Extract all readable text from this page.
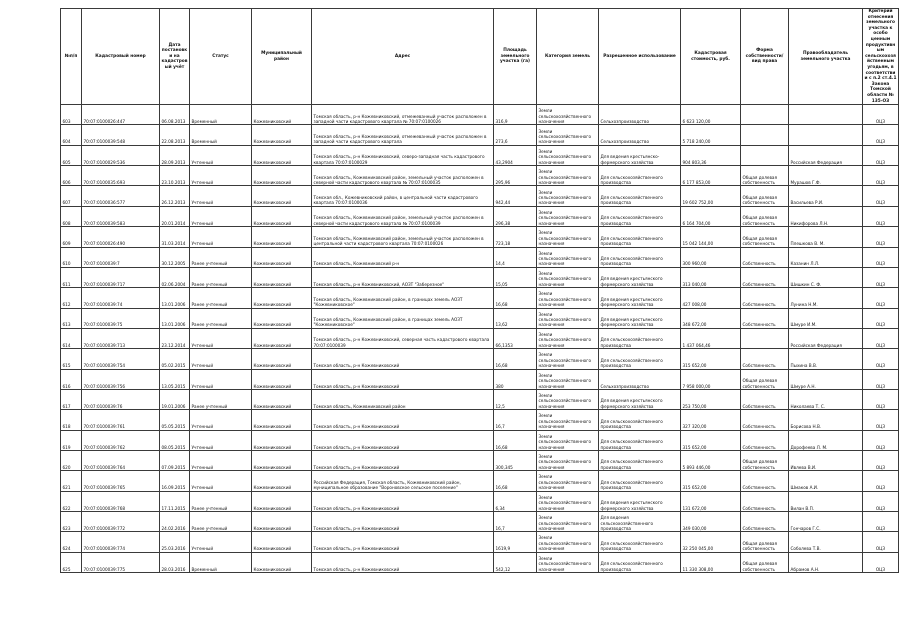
№п/п	Кадастровый номер	Дата постановки на кадастровый учёт	Статус	Муниципальный район	Адрес	Площадь земельного участка (га)	Категория земель	Разрешенное использование	Кадастровая стоимость, руб.	Форма собственности/вид права	Правообладатель земельного участка	Критерий отнесения земельного участка к особо ценным продуктивным сельскохозяйственным угодьям, в соответствии с п.2 ст.4.1 Закона Томской области № 135-ОЗ
603	70:07:0100026:447	06.08.2013	Временный	Кожевниковский	Томская область, р-н Кожевниковский, отмежеванный участок расположен в западной части кадастрового квартала № 70:07:0100026	316,9	Земли сельскохозяйственного назначения	Сельхозпроизводство	6 623 120,00			ОЦЗ
604	70:07:0100039:548	22.08.2013	Временный	Кожевниковский	Томская область, р-н Кожевниковский, отмежеванный участок расположен в западной части кадастрового квартала	273,6	Земли сельскохозяйственного назначения	Сельхозпроизводство	5 718 240,00			ОЦЗ
605	70:07:0100029:536	28.09.2013	Учтенный	Кожевниковский	Томская область, р-н Кожевниковский, северо-западная часть кадастрового квартала 70:07:0100029	43,2904	Земли сельскохозяйственного назначения	Для ведения крестьянско-фермерского хозяйства	904 803,36		Российская Федерация	ОЦЗ
606	70:07:0100035:693	23.10.2013	Учтенный	Кожевниковский	Томская область, Кожевниковский район, земельный участок расположен в северной части кадастрового квартала № 70:07:0100035	295,96	Земли сельскохозяйственного назначения	Для сельскохозяйственного производства	6 177 853,00	Общая долевая собственность	Мурашов Г.Ф.	ОЦЗ
607	70:07:0100036:577	26.12.2013	Учтенный	Кожевниковский	Томская обл., Кожевниковский район, в центральной части кадастрового квартала 70:07:0100036	942,44	Земли сельскохозяйственного назначения	Для сельскохозяйственного производства	19 602 752,00	Общая долевая собственность	Васильева Р.И.	ОЦЗ
608	70:07:0100039:583	20.01.2014	Учтенный	Кожевниковский	Томская область, Кожевниковский район, земельный участок расположен в северной части кадастрового квартала № 70:07:0100039	296,38	Земли сельскохозяйственного назначения	Для сельскохозяйственного производства	6 164 704,00	Общая долевая собственность	Никифорова Л.Н.	ОЦЗ
609	70:07:0100026:490	31.03.2014	Учтенный	Кожевниковский	Томская область, Кожевниковский район, земельный участок расположен в центральной части кадастрового квартала 70:07:0100026	723,18	Земли сельскохозяйственного назначения	Для сельскохозяйственного производства	15 042 144,00	Общая долевая собственность	Плешкова В. М.	ОЦЗ
610	70:07:0100039:7	30.12.2005	Ранее учтенный	Кожевниковский	Томская область, Кожевниковский р-н	14,4	Земли сельскохозяйственного назначения	Для сельскохозяйственного производства	300 960,00	Собственность	Казанин Л.Л.	ОЦЗ
611	70:07:0100039:717	02.06.2004	Ранее учтенный	Кожевниковский	Томская область, р-н Кожевниковский, АОЗТ "Заберезное"	15,05	Земли сельскохозяйственного назначения	Для ведения крестьянского фермерского хозяйства	313 040,00	Собственность	Шишкин С. Ф.	ОЦЗ
612	70:07:0100039:74	13.01.2006	Ранее учтенный	Кожевниковский	Томская область, Кожевниковский район, в границах земель АОЗТ "Кожевниковское"	16,68	Земли сельскохозяйственного назначения	Для ведения крестьянского фермерского хозяйства	427 008,00	Собственность	Лунина Н.М.	ОЦЗ
613	70:07:0100039:75	13.01.2006	Ранее учтенный	Кожевниковский	Томская область, Кожевниковский район, в границах земель АОЗТ "Кожевниковское"	13,62	Земли сельскохозяйственного назначения	Для ведения крестьянского фермерского хозяйства	348 672,00	Собственность	Шмуре И.М.	ОЦЗ
614	70:07:0100039:713	23.12.2014	Учтенный	Кожевниковский	Томская область, р-н Кожевниковский, северная часть кадастрового квартала 70:07:0100039	66,1353	Земли сельскохозяйственного назначения	Для сельскохозяйственного производства	1 437 064,46		Российская Федерация	ОЦЗ
615	70:07:0100039:754	05.02.2015	Учтенный	Кожевниковский	Томская область, р-н Кожевниковский	16,68	Земли сельскохозяйственного назначения	Для сельскохозяйственного производства	315 652,00	Собственность	Пыхина В.В.	ОЦЗ
616	70:07:0100039:756	13.05.2015	Учтенный	Кожевниковский	Томская область, р-н Кожевниковский	380	Земли сельскохозяйственного назначения	Сельхозпроизводство	7 958 000,00	Общая долевая собственность	Шмуре А.Н.	ОЦЗ
617	70:07:0100039:76	19.01.2006	Ранее учтенный	Кожевниковский	Томская область, Кожевниковский район	12,5	Земли сельскохозяйственного назначения	Для ведения крестьянского фермерского хозяйства	253 750,00	Собственность	Николаева Т. С.	ОЦЗ
618	70:07:0100039:761	05.05.2015	Учтенный	Кожевниковский	Томская область, р-н Кожевниковский	16,7	Земли сельскохозяйственного назначения	Для сельскохозяйственного производства	327 320,00	Собственность	Борисова Н.В.	ОЦЗ
619	70:07:0100039:762	08.05.2015	Учтенный	Кожевниковский	Томская область, р-н Кожевниковский	16,68	Земли сельскохозяйственного назначения	Для сельскохозяйственного производства	315 652,00	Собственность	Дорофеева Л. М.	ОЦЗ
620	70:07:0100039:764	07.09.2015	Учтенный	Кожевниковский	Томская область, р-н Кожевниковский	300,345	Земли сельскохозяйственного назначения	Для сельскохозяйственного производства	5 893 446,00	Общая долевая собственность	Ивлева В.И.	ОЦЗ
621	70:07:0100039:765	16.09.2015	Учтенный	Кожевниковский	Российская Федерация, Томская область, Кожевниковский район, муниципальное образование "Вороновское сельское поселение"	16,68	Земли сельскохозяйственного назначения	Для сельскохозяйственного производства	315 652,00	Собственность	Шмаков А.И.	ОЦЗ
622	70:07:0100039:768	17.11.2015	Ранее учтенный	Кожевниковский	Томская область, р-н Кожевниковский	6,34	Земли сельскохозяйственного назначения	Для ведения крестьянского фермерского хозяйства	131 672,00	Собственность	Вилан В.П.	ОЦЗ
623	70:07:0100039:772	24.02.2016	Ранее учтенный	Кожевниковский	Томская область, р-н Кожевниковский	16,7	Земли сельскохозяйственного назначения	Для ведения сельскохозяйственного производства	349 030,00	Собственность	Гончаров Г.С.	ОЦЗ
624	70:07:0100039:774	25.03.2016	Учтенный	Кожевниковский	Томская область, р-н Кожевниковский	1619,9	Земли сельскохозяйственного назначения	Для сельскохозяйственного производства	32 250 045,00	Общая долевая собственность	Соболева Т.В.	ОЦЗ
625	70:07:0100039:775	28.03.2016	Временный	Кожевниковский	Томская область, р-н Кожевниковский	542,12	Земли сельскохозяйственного назначения	Для сельскохозяйственного производства	11 330 308,00	Общая долевая собственность	Абрамов А.Н.	ОЦЗ
